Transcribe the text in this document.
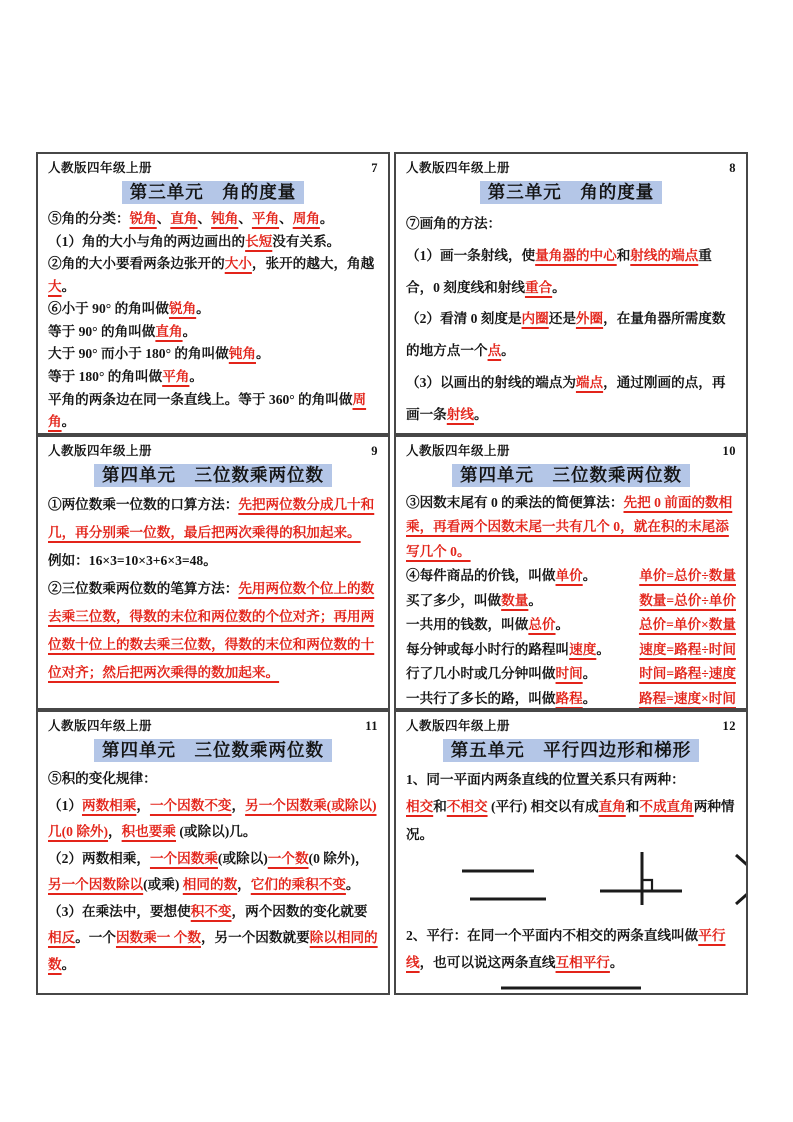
人教版四年级上册	7
第三单元　角的度量

⑤角的分类：锐角、直角、钝角、平角、周角。

（1）角的大小与角的两边画出的长短没有关系。

②角的大小要看两条边张开的大小，张开的越大，角越大。

⑥小于 90° 的角叫做锐角。

等于 90° 的角叫做直角。

大于 90° 而小于 180° 的角叫做钝角。

等于 180° 的角叫做平角。

平角的两条边在同一条直线上。等于 360° 的角叫做周角。

人教版四年级上册	8
第三单元　角的度量

⑦画角的方法：

（1）画一条射线，使量角器的中心和射线的端点重合，0 刻度线和射线重合。

（2）看清 0 刻度是内圈还是外圈，在量角器所需度数的地方点一个点。

（3）以画出的射线的端点为端点，通过刚画的点，再画一条射线。

人教版四年级上册	9
第四单元　三位数乘两位数

①两位数乘一位数的口算方法：先把两位数分成几十和几，再分别乘一位数，最后把两次乘得的积加起来。

例如：16×3=10×3+6×3=48。

②三位数乘两位数的笔算方法：先用两位数个位上的数去乘三位数，得数的末位和两位数的个位对齐；再用两位数十位上的数去乘三位数，得数的末位和两位数的十位对齐；然后把两次乘得的数加起来。

人教版四年级上册	10
第四单元　三位数乘两位数

③因数末尾有 0 的乘法的简便算法：先把 0 前面的数相乘，再看两个因数末尾一共有几个 0，就在积的末尾添写几个 0。

④每件商品的价钱，叫做单价。	单价=总价÷数量
买了多少，叫做数量。	数量=总价÷单价
一共用的钱数，叫做总价。	总价=单价×数量
每分钟或每小时行的路程叫速度。 速度=路程÷时间
行了几小时或几分钟叫做时间。	时间=路程÷速度
一共行了多长的路，叫做路程。	路程=速度×时间
人教版四年级上册	11
第四单元　三位数乘两位数

⑤积的变化规律：

（1）两数相乘，一个因数不变，另一个因数乘(或除以)几(0 除外)，积也要乘 (或除以)几。

（2）两数相乘，一个因数乘(或除以)一个数(0 除外)，另一个因数除以(或乘) 相同的数，它们的乘积不变。

（3）在乘法中，要想使积不变，两个因数的变化就要相反。一个因数乘一 个数，另一个因数就要除以相同的数。

人教版四年级上册	12
第五单元　平行四边形和梯形

1、同一平面内两条直线的位置关系只有两种：

相交和不相交 (平行) 相交以有成直角和不成直角两种情况。

2、平行：在同一个平面内不相交的两条直线叫做平行线，也可以说这两条直线互相平行。
